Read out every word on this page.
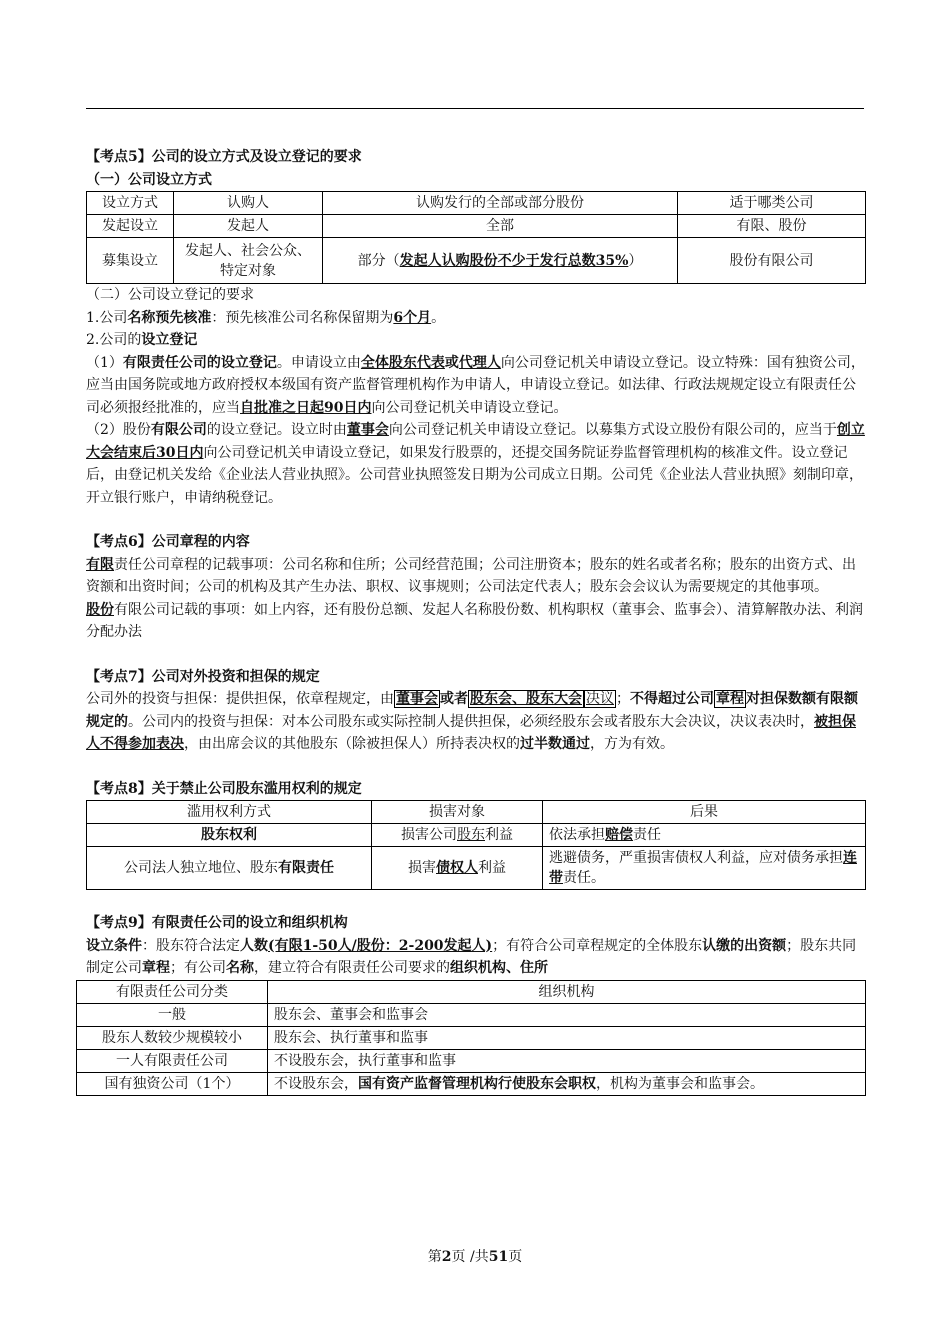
【考点5】公司的设立方式及设立登记的要求

（一）公司设立方式

设立方式	认购人	认购发行的全部或部分股份	适于哪类公司
发起设立	发起人	全部	有限、股份
募集设立	发起人、社会公众、特定对象	部分（发起人认购股份不少于发行总数35%）	股份有限公司

（二）公司设立登记的要求

1.公司名称预先核准：预先核准公司名称保留期为6个月。

2.公司的设立登记

（1）有限责任公司的设立登记。申请设立由全体股东代表或代理人向公司登记机关申请设立登记。设立特殊：国有独资公司，应当由国务院或地方政府授权本级国有资产监督管理机构作为申请人，申请设立登记。如法律、行政法规规定设立有限责任公司必须报经批准的，应当自批准之日起90日内向公司登记机关申请设立登记。

（2）股份有限公司的设立登记。设立时由董事会向公司登记机关申请设立登记。以募集方式设立股份有限公司的，应当于创立大会结束后30日内向公司登记机关申请设立登记，如果发行股票的，还提交国务院证券监督管理机构的核准文件。设立登记后，由登记机关发给《企业法人营业执照》。公司营业执照签发日期为公司成立日期。公司凭《企业法人营业执照》刻制印章，开立银行账户，申请纳税登记。

【考点6】公司章程的内容

有限责任公司章程的记载事项：公司名称和住所；公司经营范围；公司注册资本；股东的姓名或者名称；股东的出资方式、出资额和出资时间；公司的机构及其产生办法、职权、议事规则；公司法定代表人；股东会会议认为需要规定的其他事项。

股份有限公司记载的事项：如上内容，还有股份总额、发起人名称股份数、机构职权（董事会、监事会）、清算解散办法、利润分配办法

【考点7】公司对外投资和担保的规定

公司外的投资与担保：提供担保，依章程规定，由 董事会 或者 股东会、股东大会 决议 ；不得超过公司 章程 对担保数额有限额规定的。公司内的投资与担保：对本公司股东或实际控制人提供担保，必须经股东会或者股东大会决议，决议表决时，被担保人不得参加表决，由出席会议的其他股东（除被担保人）所持表决权的过半数通过，方为有效。

【考点8】关于禁止公司股东滥用权利的规定

滥用权利方式	损害对象	后果
股东权利	损害公司股东利益	依法承担赔偿责任
公司法人独立地位、股东有限责任	损害债权人利益	逃避债务，严重损害债权人利益，应对债务承担连带责任。

【考点9】有限责任公司的设立和组织机构

设立条件：股东符合法定人数(有限1-50人/股份：2-200发起人)；有符合公司章程规定的全体股东认缴的出资额；股东共同制定公司章程；有公司名称，建立符合有限责任公司要求的组织机构、住所

有限责任公司分类	组织机构
一般	股东会、董事会和监事会
股东人数较少规模较小	股东会、执行董事和监事
一人有限责任公司	不设股东会，执行董事和监事
国有独资公司（1个）	不设股东会，国有资产监督管理机构行使股东会职权，机构为董事会和监事会。
第2页 /共51页
